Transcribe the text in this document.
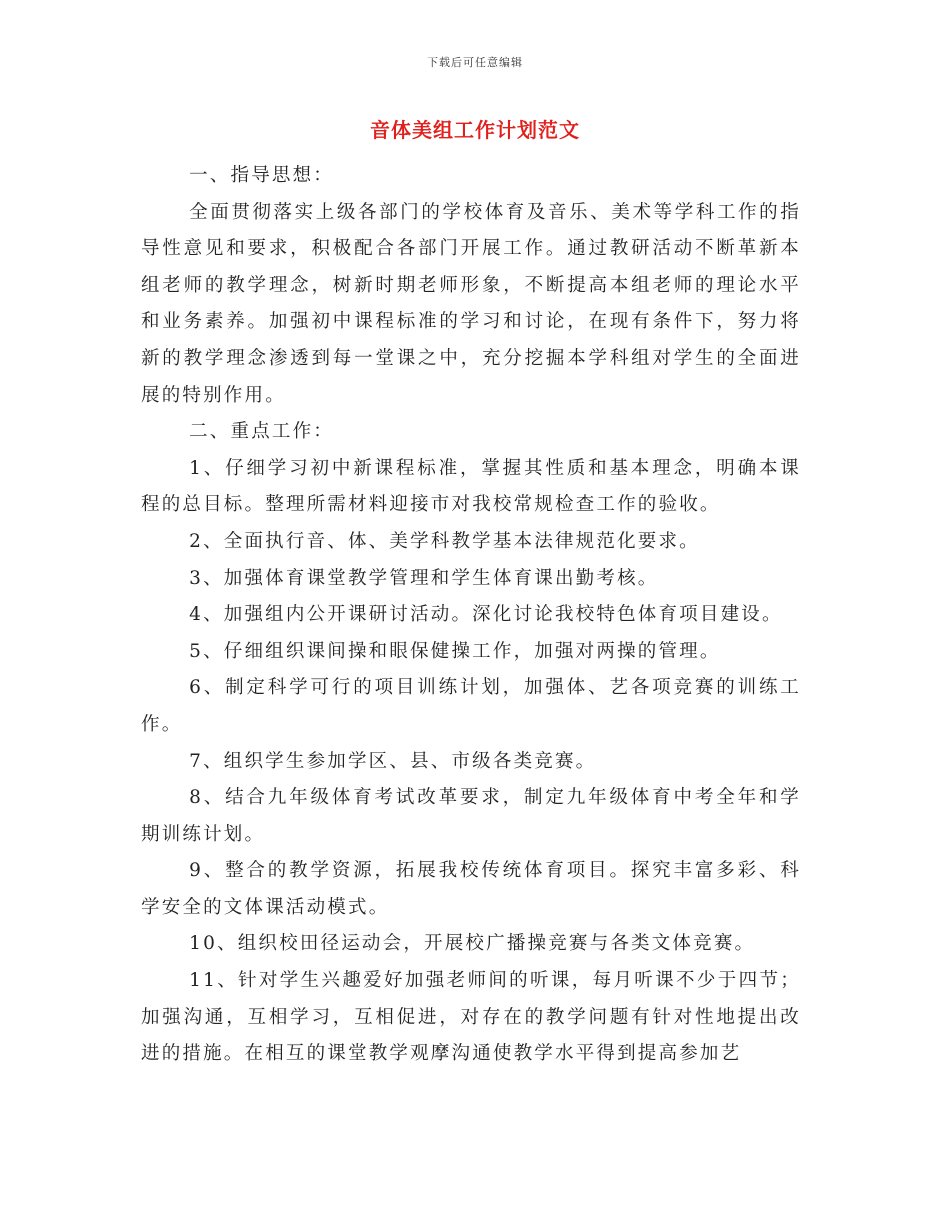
下载后可任意编辑
音体美组工作计划范文

一、指导思想：

全面贯彻落实上级各部门的学校体育及音乐、美术等学科工作的指导性意见和要求，积极配合各部门开展工作。通过教研活动不断革新本组老师的教学理念，树新时期老师形象，不断提高本组老师的理论水平和业务素养。加强初中课程标准的学习和讨论，在现有条件下，努力将新的教学理念渗透到每一堂课之中，充分挖掘本学科组对学生的全面进展的特别作用。

二、重点工作：

1、仔细学习初中新课程标准，掌握其性质和基本理念，明确本课程的总目标。整理所需材料迎接市对我校常规检查工作的验收。

2、全面执行音、体、美学科教学基本法律规范化要求。

3、加强体育课堂教学管理和学生体育课出勤考核。

4、加强组内公开课研讨活动。深化讨论我校特色体育项目建设。

5、仔细组织课间操和眼保健操工作，加强对两操的管理。

6、制定科学可行的项目训练计划，加强体、艺各项竞赛的训练工作。

7、组织学生参加学区、县、市级各类竞赛。

8、结合九年级体育考试改革要求，制定九年级体育中考全年和学期训练计划。

9、整合的教学资源，拓展我校传统体育项目。探究丰富多彩、科学安全的文体课活动模式。

10、组织校田径运动会，开展校广播操竞赛与各类文体竞赛。

11、针对学生兴趣爱好加强老师间的听课，每月听课不少于四节；加强沟通，互相学习，互相促进，对存在的教学问题有针对性地提出改进的措施。在相互的课堂教学观摩沟通使教学水平得到提高参加艺
